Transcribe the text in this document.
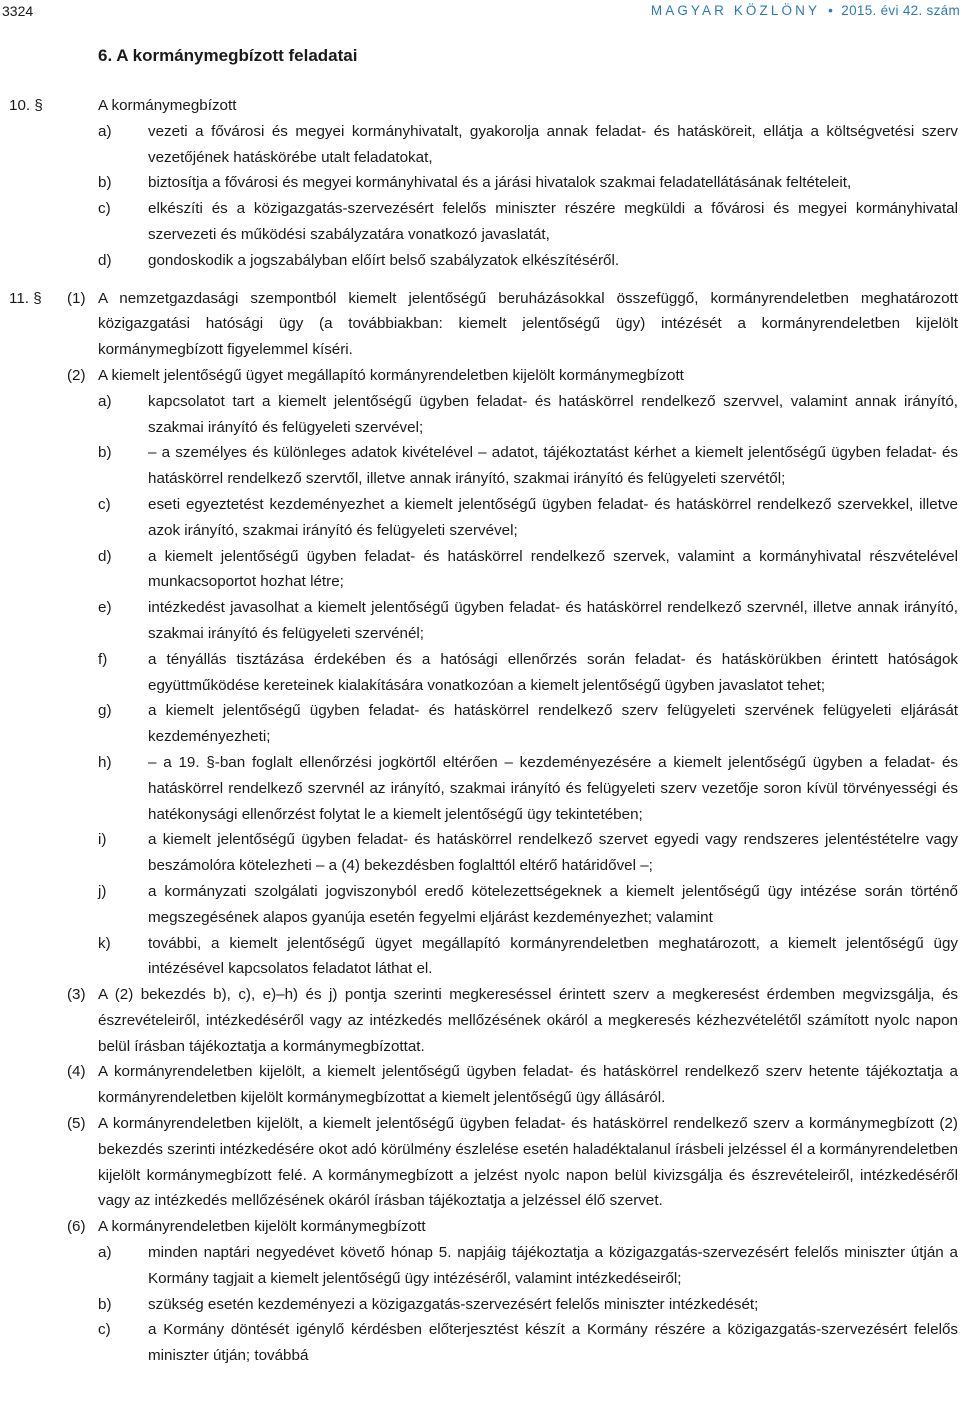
3324	MAGYAR KÖZLÖNY  •  2015. évi 42. szám
6. A kormánymegbízott feladatai
10. §	A kormánymegbízott
a) vezeti a fővárosi és megyei kormányhivatalt, gyakorolja annak feladat- és hatásköreit, ellátja a költségvetési szerv vezetőjének hatáskörébe utalt feladatokat,
b) biztosítja a fővárosi és megyei kormányhivatal és a járási hivatalok szakmai feladatellátásának feltételeit,
c) elkészíti és a közigazgatás-szervezésért felelős miniszter részére megküldi a fővárosi és megyei kormányhivatal szervezeti és működési szabályzatára vonatkozó javaslatát,
d) gondoskodik a jogszabályban előírt belső szabályzatok elkészítéséről.
11. § (1) A nemzetgazdasági szempontból kiemelt jelentőségű beruházásokkal összefüggő, kormányrendeletben meghatározott közigazgatási hatósági ügy (a továbbiakban: kiemelt jelentőségű ügy) intézését a kormányrendeletben kijelölt kormánymegbízott figyelemmel kíséri.
(2) A kiemelt jelentőségű ügyet megállapító kormányrendeletben kijelölt kormánymegbízott
a) kapcsolatot tart a kiemelt jelentőségű ügyben feladat- és hatáskörrel rendelkező szervvel, valamint annak irányító, szakmai irányító és felügyeleti szervével;
b) – a személyes és különleges adatok kivételével – adatot, tájékoztatást kérhet a kiemelt jelentőségű ügyben feladat- és hatáskörrel rendelkező szervtől, illetve annak irányító, szakmai irányító és felügyeleti szervétől;
c) eseti egyeztetést kezdeményezhet a kiemelt jelentőségű ügyben feladat- és hatáskörrel rendelkező szervekkel, illetve azok irányító, szakmai irányító és felügyeleti szervével;
d) a kiemelt jelentőségű ügyben feladat- és hatáskörrel rendelkező szervek, valamint a kormányhivatal részvételével munkacsoportot hozhat létre;
e) intézkedést javasolhat a kiemelt jelentőségű ügyben feladat- és hatáskörrel rendelkező szervnél, illetve annak irányító, szakmai irányító és felügyeleti szervénél;
f)	a tényállás tisztázása érdekében és a hatósági ellenőrzés során feladat- és hatáskörükben érintett hatóságok együttműködése kereteinek kialakítására vonatkozóan a kiemelt jelentőségű ügyben javaslatot tehet;
g) a kiemelt jelentőségű ügyben feladat- és hatáskörrel rendelkező szerv felügyeleti szervének felügyeleti eljárását kezdeményezheti;
h) – a 19. §-ban foglalt ellenőrzési jogkörtől eltérően – kezdeményezésére a kiemelt jelentőségű ügyben a feladat- és hatáskörrel rendelkező szervnél az irányító, szakmai irányító és felügyeleti szerv vezetője soron kívül törvényességi és hatékonysági ellenőrzést folytat le a kiemelt jelentőségű ügy tekintetében;
i)	a kiemelt jelentőségű ügyben feladat- és hatáskörrel rendelkező szervet egyedi vagy rendszeres jelentéstételre vagy beszámolóra kötelezheti – a (4) bekezdésben foglalttól eltérő határidővel –;
j)	a kormányzati szolgálati jogviszonyból eredő kötelezettségeknek a kiemelt jelentőségű ügy intézése során történő megszegésének alapos gyanúja esetén fegyelmi eljárást kezdeményezhet; valamint
k) további, a kiemelt jelentőségű ügyet megállapító kormányrendeletben meghatározott, a kiemelt jelentőségű ügy intézésével kapcsolatos feladatot láthat el.
(3) A (2) bekezdés b), c), e)–h) és j) pontja szerinti megkereséssel érintett szerv a megkeresést érdemben megvizsgálja, és észrevételeiről, intézkedéséről vagy az intézkedés mellőzésének okáról a megkeresés kézhezvételétől számított nyolc napon belül írásban tájékoztatja a kormánymegbízottat.
(4) A kormányrendeletben kijelölt, a kiemelt jelentőségű ügyben feladat- és hatáskörrel rendelkező szerv hetente tájékoztatja a kormányrendeletben kijelölt kormánymegbízottat a kiemelt jelentőségű ügy állásáról.
(5) A kormányrendeletben kijelölt, a kiemelt jelentőségű ügyben feladat- és hatáskörrel rendelkező szerv a kormánymegbízott (2) bekezdés szerinti intézkedésére okot adó körülmény észlelése esetén haladéktalanul írásbeli jelzéssel él a kormányrendeletben kijelölt kormánymegbízott felé. A kormánymegbízott a jelzést nyolc napon belül kivizsgálja és észrevételeiről, intézkedéséről vagy az intézkedés mellőzésének okáról írásban tájékoztatja a jelzéssel élő szervet.
(6) A kormányrendeletben kijelölt kormánymegbízott
a) minden naptári negyedévet követő hónap 5. napjáig tájékoztatja a közigazgatás-szervezésért felelős miniszter útján a Kormány tagjait a kiemelt jelentőségű ügy intézéséről, valamint intézkedéseiről;
b) szükség esetén kezdeményezi a közigazgatás-szervezésért felelős miniszter intézkedését;
c) a Kormány döntését igénylő kérdésben előterjesztést készít a Kormány részére a közigazgatás-szervezésért felelős miniszter útján; továbbá
